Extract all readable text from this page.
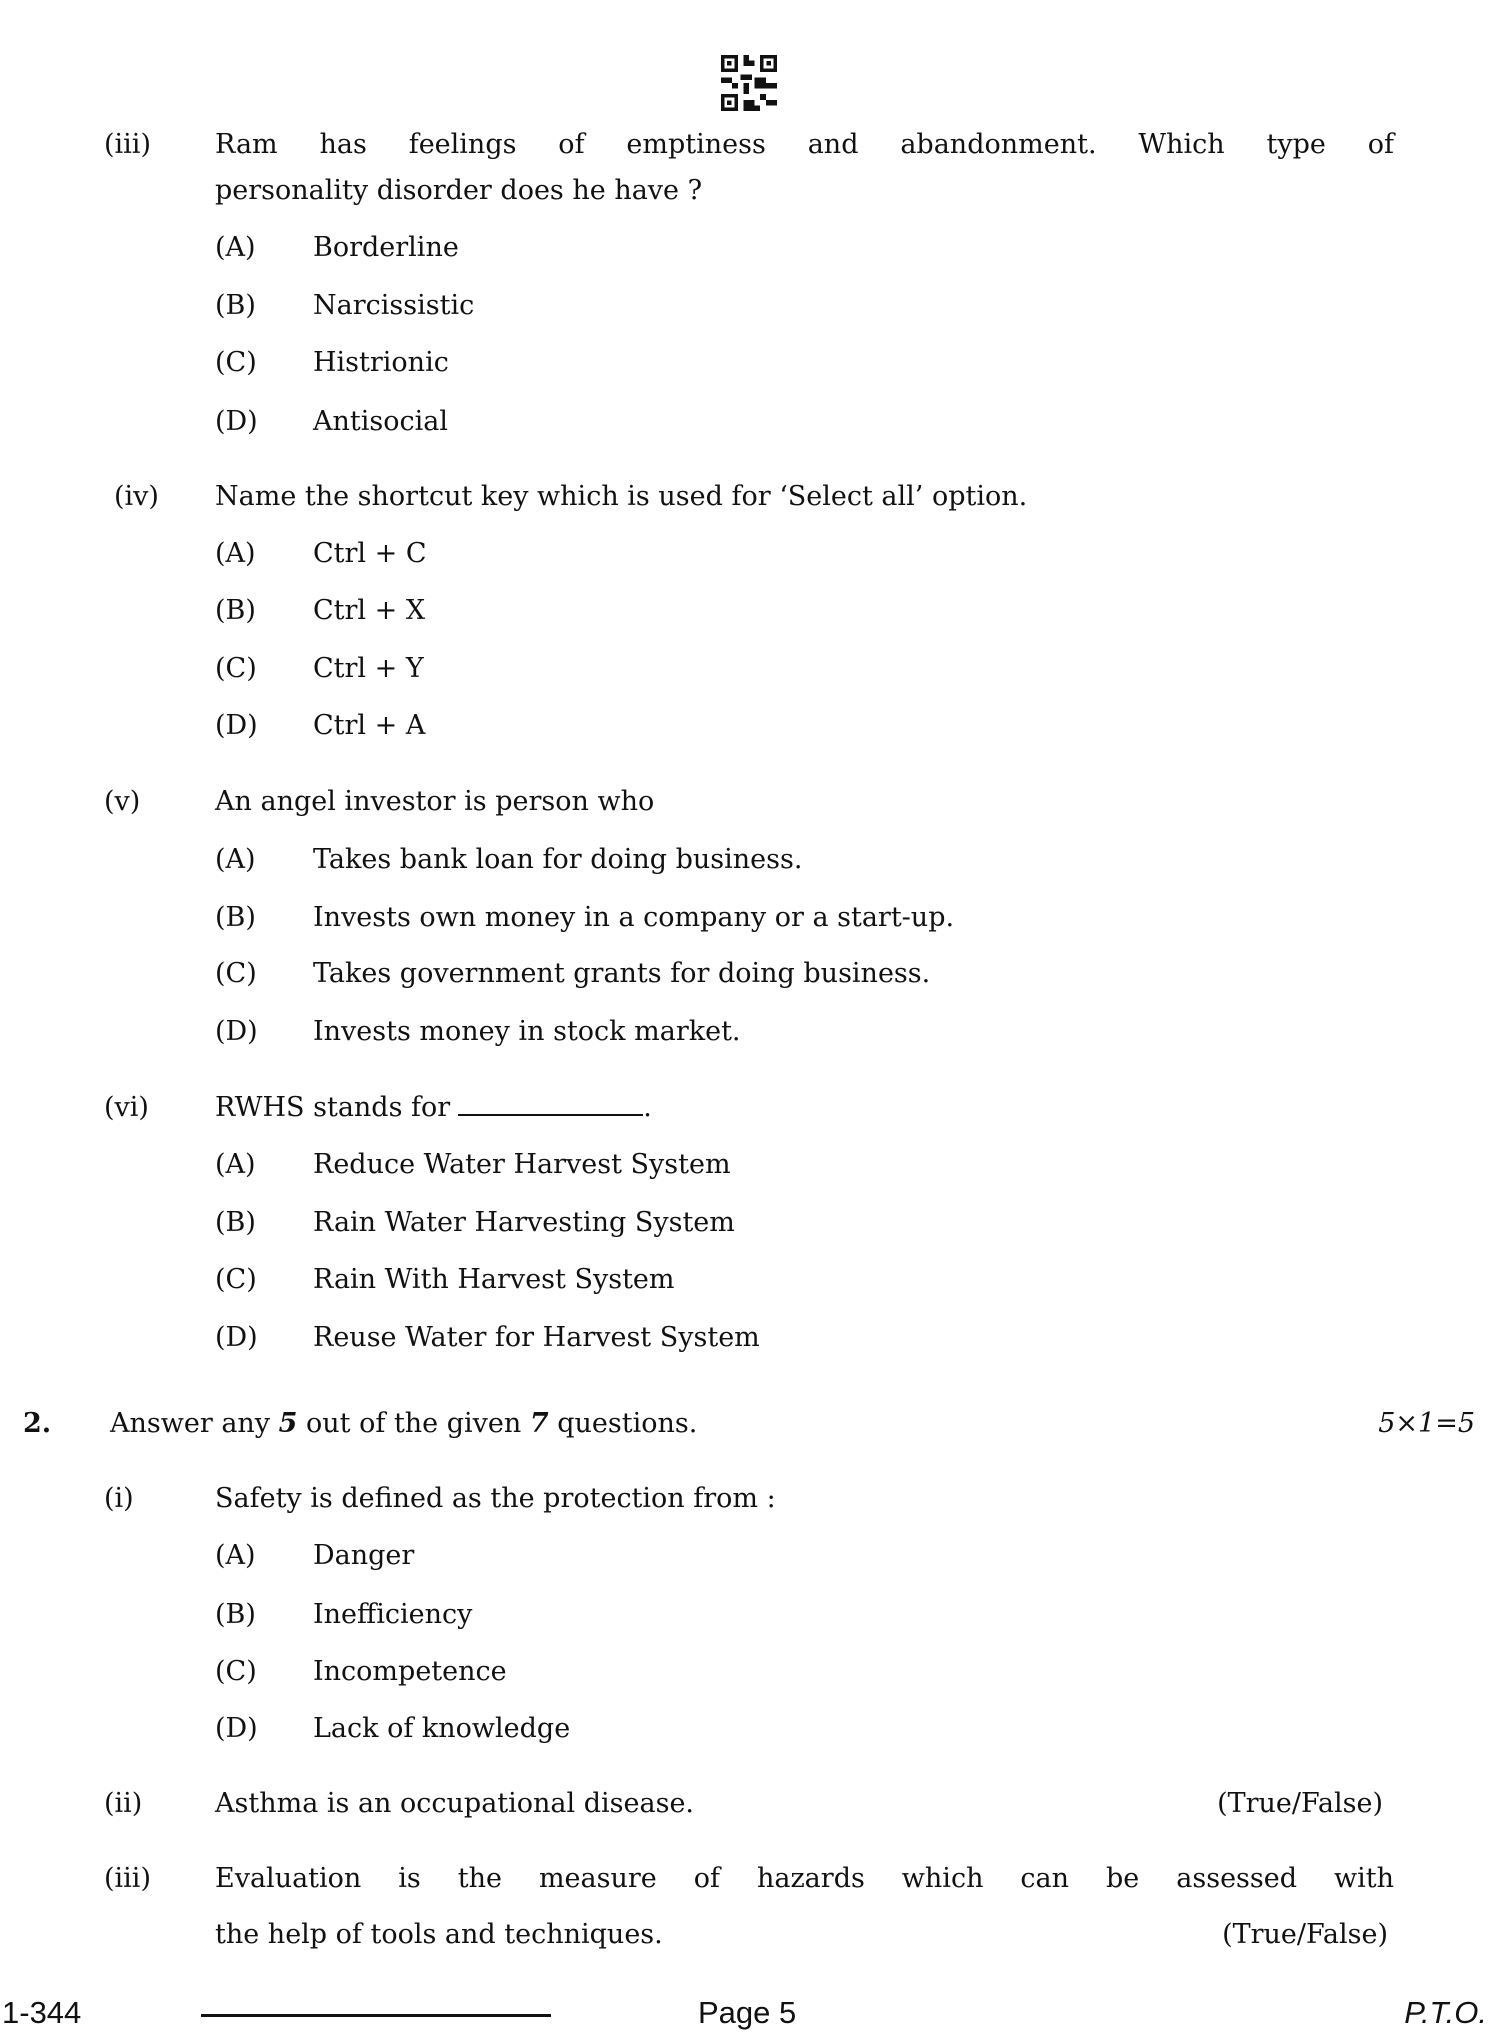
(iii) Ram has feelings of emptiness and abandonment. Which type of
personality disorder does he have ?
(A) Borderline
(B) Narcissistic
(C) Histrionic
(D) Antisocial
(iv) Name the shortcut key which is used for ‘Select all’ option.
(A) Ctrl + C
(B) Ctrl + X
(C) Ctrl + Y
(D) Ctrl + A
(v)	An angel investor is person who
(A) Takes bank loan for doing business.
(B) Invests own money in a company or a start-up.
(C) Takes government grants for doing business.
(D) Invests money in stock market.
(vi) RWHS stands for	.
(A) Reduce Water Harvest System
(B) Rain Water Harvesting System
(C) Rain With Harvest System
(D) Reuse Water for Harvest System
2. Answer any 5 out of the given 7 questions.	5×1=5
(i)	Safety is defined as the protection from :
(A) Danger
(B) Inefficiency
(C) Incompetence
(D) Lack of knowledge
(ii)	Asthma is an occupational disease.	(True/False)
(iii) Evaluation is the measure of hazards which can be assessed with
the help of tools and techniques.	(True/False)
1-344	Page 5	P.T.O.
